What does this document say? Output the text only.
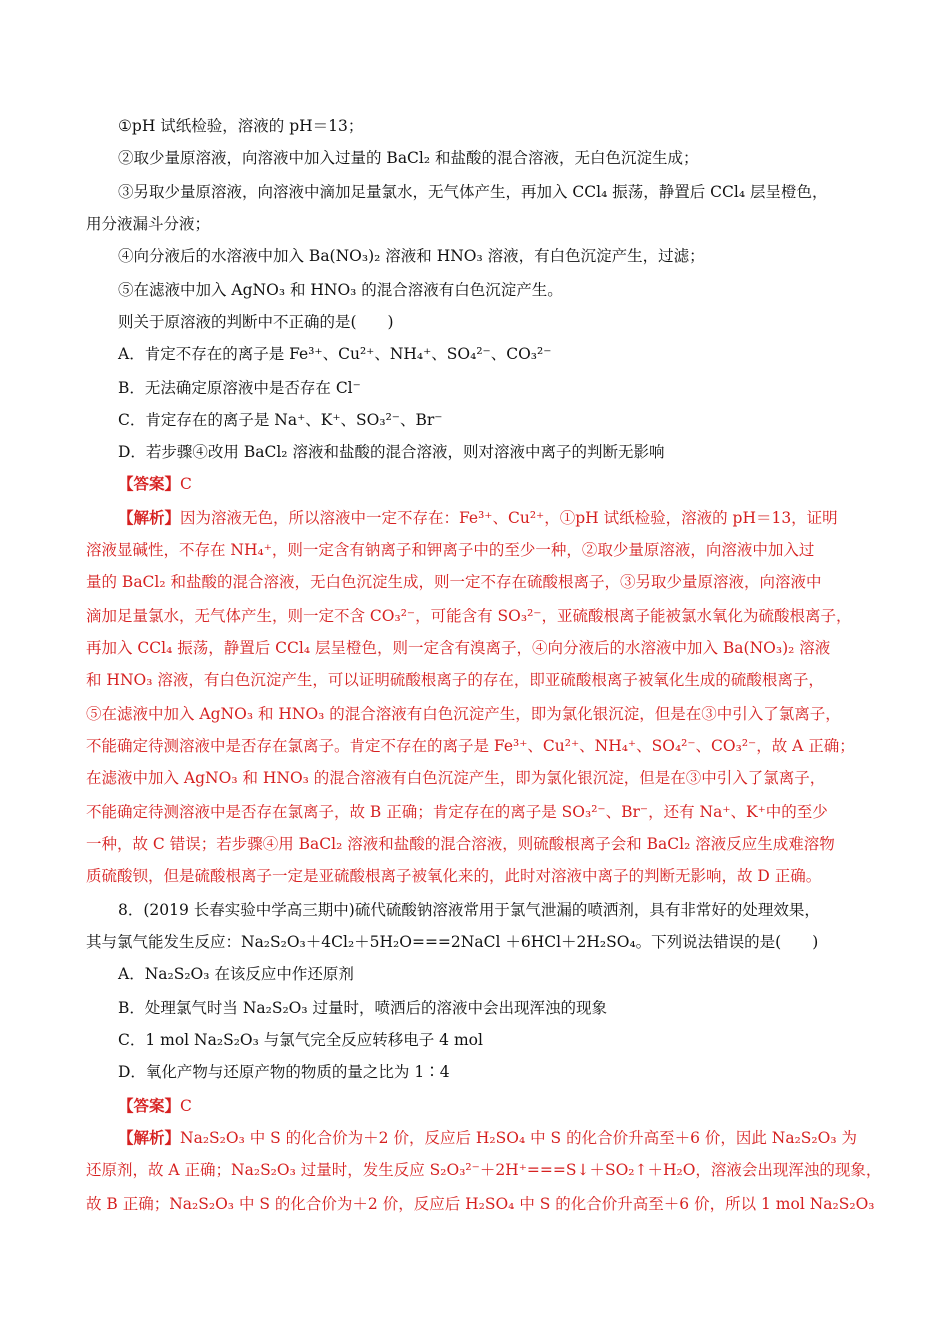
①pH 试纸检验，溶液的 pH＝13；
②取少量原溶液，向溶液中加入过量的 BaCl₂ 和盐酸的混合溶液，无白色沉淀生成；
③另取少量原溶液，向溶液中滴加足量氯水，无气体产生，再加入 CCl₄ 振荡，静置后 CCl₄ 层呈橙色，
用分液漏斗分液；
④向分液后的水溶液中加入 Ba(NO₃)₂ 溶液和 HNO₃ 溶液，有白色沉淀产生，过滤；
⑤在滤液中加入 AgNO₃ 和 HNO₃ 的混合溶液有白色沉淀产生。
则关于原溶液的判断中不正确的是(　　)
A．肯定不存在的离子是 Fe³⁺、Cu²⁺、NH₄⁺、SO₄²⁻、CO₃²⁻
B．无法确定原溶液中是否存在 Cl⁻
C．肯定存在的离子是 Na⁺、K⁺、SO₃²⁻、Br⁻
D．若步骤④改用 BaCl₂ 溶液和盐酸的混合溶液，则对溶液中离子的判断无影响
【答案】C
【解析】因为溶液无色，所以溶液中一定不存在：Fe³⁺、Cu²⁺，①pH 试纸检验，溶液的 pH＝13，证明
溶液显碱性，不存在 NH₄⁺，则一定含有钠离子和钾离子中的至少一种，②取少量原溶液，向溶液中加入过
量的 BaCl₂ 和盐酸的混合溶液，无白色沉淀生成，则一定不存在硫酸根离子，③另取少量原溶液，向溶液中
滴加足量氯水，无气体产生，则一定不含 CO₃²⁻，可能含有 SO₃²⁻，亚硫酸根离子能被氯水氧化为硫酸根离子，
再加入 CCl₄ 振荡，静置后 CCl₄ 层呈橙色，则一定含有溴离子，④向分液后的水溶液中加入 Ba(NO₃)₂ 溶液
和 HNO₃ 溶液，有白色沉淀产生，可以证明硫酸根离子的存在，即亚硫酸根离子被氧化生成的硫酸根离子，
⑤在滤液中加入 AgNO₃ 和 HNO₃ 的混合溶液有白色沉淀产生，即为氯化银沉淀，但是在③中引入了氯离子，
不能确定待测溶液中是否存在氯离子。肯定不存在的离子是 Fe³⁺、Cu²⁺、NH₄⁺、SO₄²⁻、CO₃²⁻，故 A 正确；
在滤液中加入 AgNO₃ 和 HNO₃ 的混合溶液有白色沉淀产生，即为氯化银沉淀，但是在③中引入了氯离子，
不能确定待测溶液中是否存在氯离子，故 B 正确；肯定存在的离子是 SO₃²⁻、Br⁻，还有 Na⁺、K⁺中的至少
一种，故 C 错误；若步骤④用 BaCl₂ 溶液和盐酸的混合溶液，则硫酸根离子会和 BaCl₂ 溶液反应生成难溶物
质硫酸钡，但是硫酸根离子一定是亚硫酸根离子被氧化来的，此时对溶液中离子的判断无影响，故 D 正确。
8．(2019 长春实验中学高三期中)硫代硫酸钠溶液常用于氯气泄漏的喷洒剂，具有非常好的处理效果，
其与氯气能发生反应：Na₂S₂O₃＋4Cl₂＋5H₂O===2NaCl ＋6HCl＋2H₂SO₄。下列说法错误的是(　　)
A．Na₂S₂O₃ 在该反应中作还原剂
B．处理氯气时当 Na₂S₂O₃ 过量时，喷洒后的溶液中会出现浑浊的现象
C．1 mol Na₂S₂O₃ 与氯气完全反应转移电子 4 mol
D．氧化产物与还原产物的物质的量之比为 1∶4
【答案】C
【解析】Na₂S₂O₃ 中 S 的化合价为＋2 价，反应后 H₂SO₄ 中 S 的化合价升高至＋6 价，因此 Na₂S₂O₃ 为
还原剂，故 A 正确；Na₂S₂O₃ 过量时，发生反应 S₂O₃²⁻＋2H⁺===S↓＋SO₂↑＋H₂O，溶液会出现浑浊的现象，
故 B 正确；Na₂S₂O₃ 中 S 的化合价为＋2 价，反应后 H₂SO₄ 中 S 的化合价升高至＋6 价，所以 1 mol Na₂S₂O₃
